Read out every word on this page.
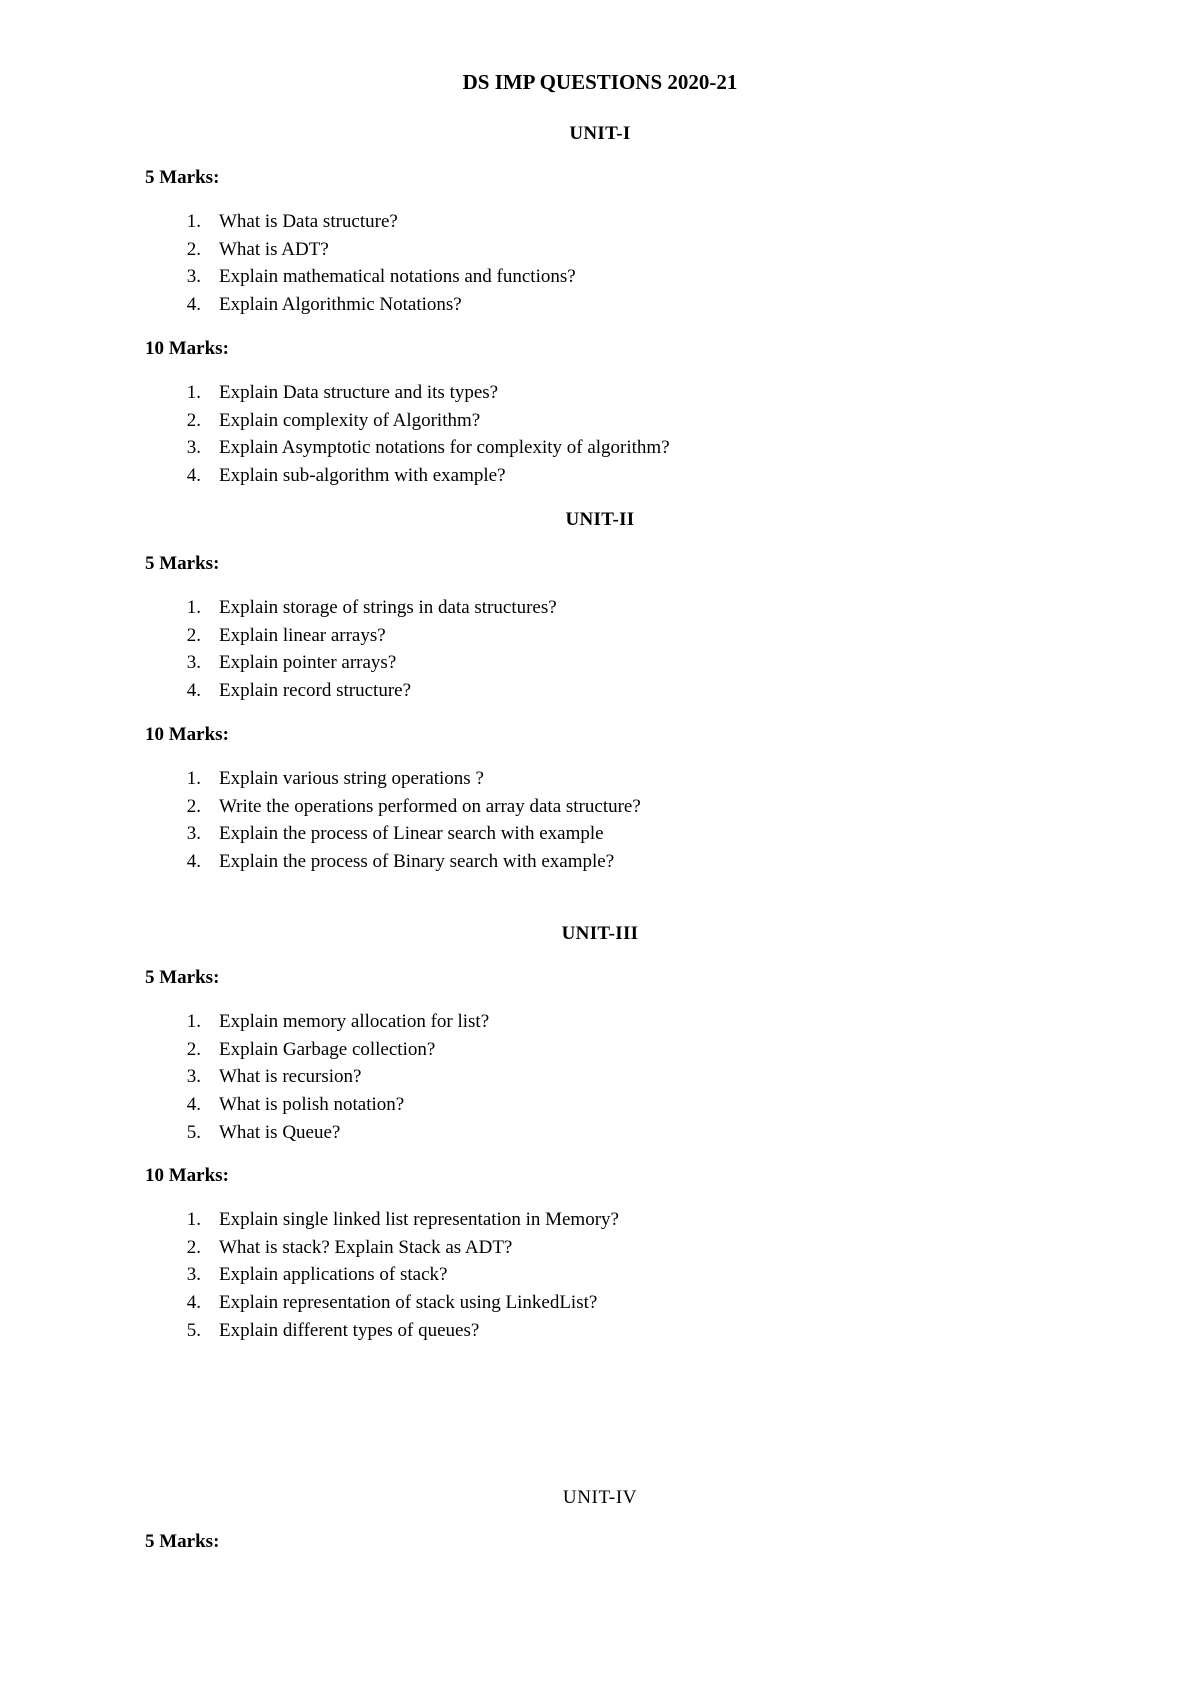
DS IMP QUESTIONS 2020-21
UNIT-I
5 Marks:
1. What is Data structure?
2. What is ADT?
3. Explain mathematical notations and functions?
4. Explain Algorithmic Notations?
10 Marks:
1. Explain Data structure and its types?
2. Explain complexity of Algorithm?
3. Explain Asymptotic notations for complexity of algorithm?
4. Explain sub-algorithm with example?
UNIT-II
5 Marks:
1. Explain storage of strings in data structures?
2. Explain linear arrays?
3. Explain pointer arrays?
4. Explain record structure?
10 Marks:
1. Explain various string operations ?
2. Write the operations performed on array data structure?
3. Explain the process of Linear search with example
4. Explain the process of Binary search with example?
UNIT-III
5 Marks:
1. Explain memory allocation for list?
2. Explain Garbage collection?
3. What is recursion?
4. What is polish notation?
5. What is Queue?
10 Marks:
1. Explain single linked list representation in Memory?
2. What is stack? Explain Stack as ADT?
3. Explain applications of stack?
4. Explain representation of stack using LinkedList?
5. Explain different types of queues?
UNIT-IV
5 Marks:
